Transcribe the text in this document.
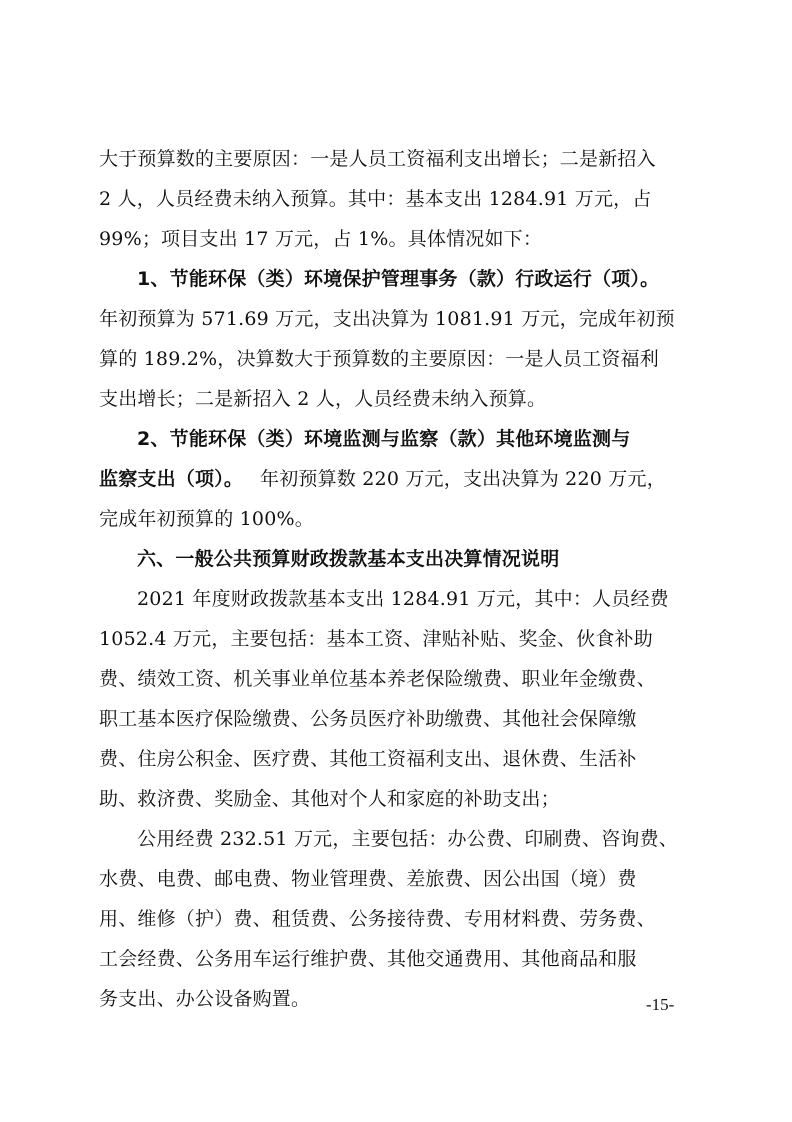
大于预算数的主要原因：一是人员工资福利支出增长；二是新招入
2 人，人员经费未纳入预算。其中：基本支出 1284.91 万元，占
99%；项目支出 17 万元，占 1%。具体情况如下：
1、节能环保（类）环境保护管理事务（款）行政运行（项）。
年初预算为 571.69 万元，支出决算为 1081.91 万元，完成年初预
算的 189.2%，决算数大于预算数的主要原因：一是人员工资福利
支出增长；二是新招入 2 人，人员经费未纳入预算。
2、节能环保（类）环境监测与监察（款）其他环境监测与
监察支出（项）。 年初预算数 220 万元，支出决算为 220 万元，
完成年初预算的 100%。
六、一般公共预算财政拨款基本支出决算情况说明
2021 年度财政拨款基本支出 1284.91 万元，其中：人员经费
1052.4 万元，主要包括：基本工资、津贴补贴、奖金、伙食补助
费、绩效工资、机关事业单位基本养老保险缴费、职业年金缴费、
职工基本医疗保险缴费、公务员医疗补助缴费、其他社会保障缴
费、住房公积金、医疗费、其他工资福利支出、退休费、生活补
助、救济费、奖励金、其他对个人和家庭的补助支出；
公用经费 232.51 万元，主要包括：办公费、印刷费、咨询费、
水费、电费、邮电费、物业管理费、差旅费、因公出国（境）费
用、维修（护）费、租赁费、公务接待费、专用材料费、劳务费、
工会经费、公务用车运行维护费、其他交通费用、其他商品和服
务支出、办公设备购置。	-15-
